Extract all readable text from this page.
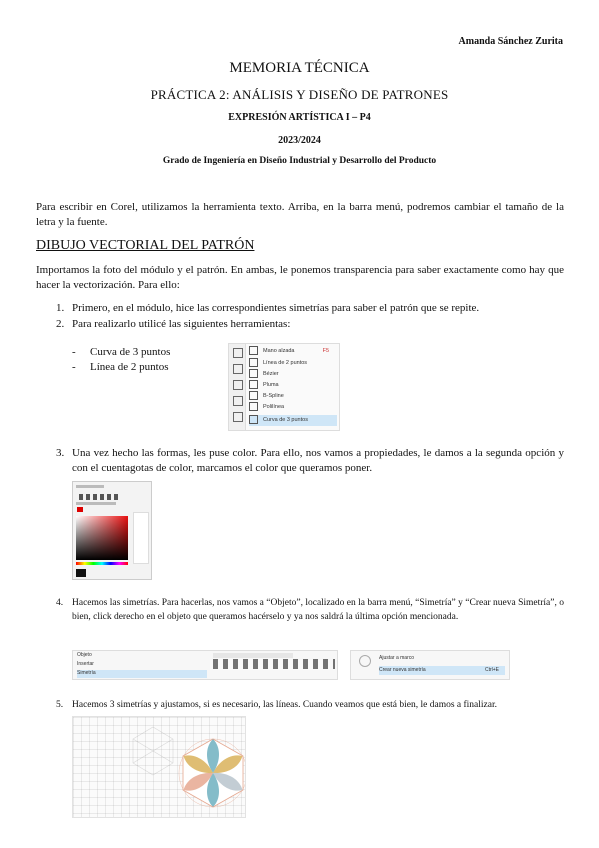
Amanda Sánchez Zurita
MEMORIA TÉCNICA
PRÁCTICA 2: ANÁLISIS Y DISEÑO DE PATRONES
EXPRESIÓN ARTÍSTICA I – P4
2023/2024
Grado de Ingeniería en Diseño Industrial y Desarrollo del Producto
Para escribir en Corel, utilizamos la herramienta texto. Arriba, en la barra menú, podremos cambiar el tamaño de la letra y la fuente.
DIBUJO VECTORIAL DEL PATRÓN
Importamos la foto del módulo y el patrón. En ambas, le ponemos transparencia para saber exactamente como hay que hacer la vectorización. Para ello:
1. Primero, en el módulo, hice las correspondientes simetrías para saber el patrón que se repite.
2. Para realizarlo utilicé las siguientes herramientas:
- Curva de 3 puntos
- Línea de 2 puntos
Mano alzada	F5
Línea de 2 puntos
Bézier
Pluma
B-Spline
Polilínea
Curva de 3 puntos
3. Una vez hecho las formas, les puse color. Para ello, nos vamos a propiedades, le damos a la segunda opción y con el cuentagotas de color, marcamos el color que queramos poner.
4. Hacemos las simetrías. Para hacerlas, nos vamos a “Objeto”, localizado en la barra menú, “Simetría” y “Crear nueva Simetría”, o bien, click derecho en el objeto que queramos hacérselo y ya nos saldrá la última opción mencionada.
Objeto
Insertar
Simetría
Ajustar a marco
Crear nueva simetría	Ctrl+E
5. Hacemos 3 simetrías y ajustamos, si es necesario, las líneas. Cuando veamos que está bien, le damos a finalizar.
